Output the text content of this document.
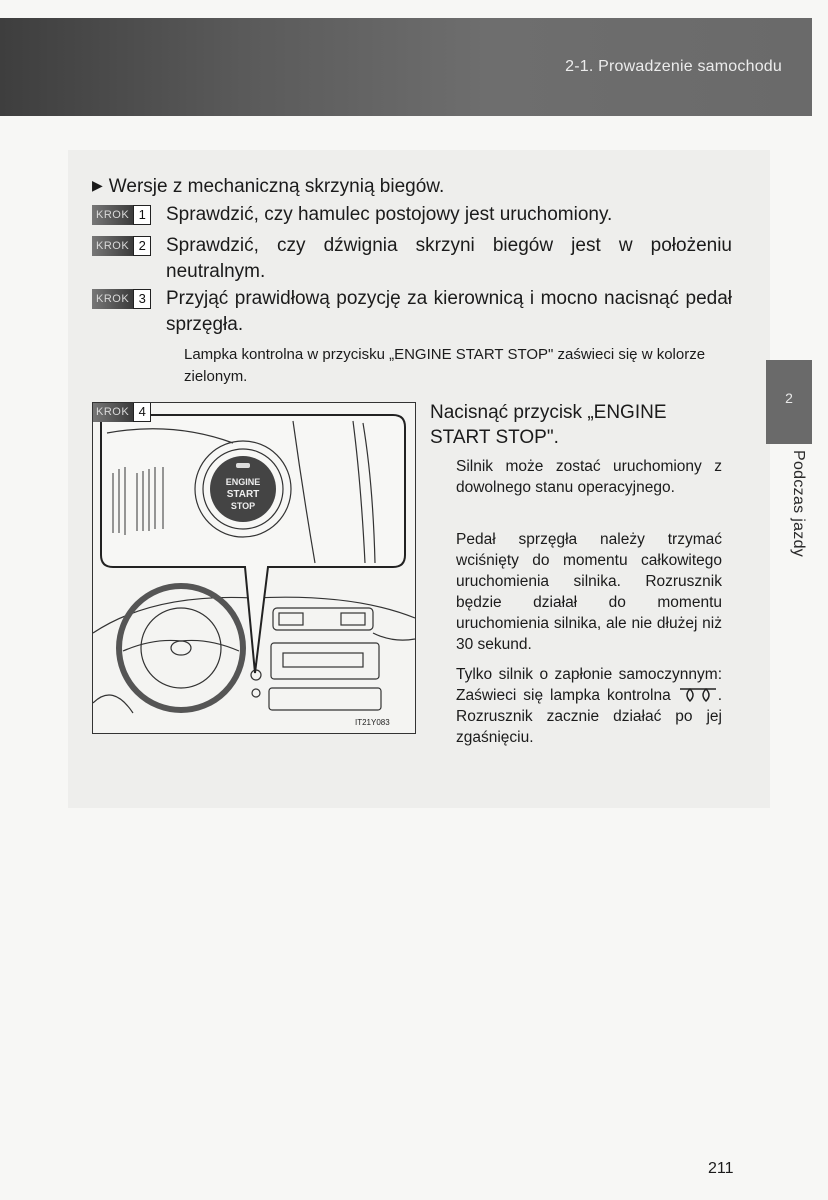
2-1. Prowadzenie samochodu
2
Podczas jazdy
▶ Wersje z mechaniczną skrzynią biegów.
KROK 1 Sprawdzić, czy hamulec postojowy jest uruchomiony.
KROK 2 Sprawdzić, czy dźwignia skrzyni biegów jest w położeniu neutralnym.
KROK 3 Przyjąć prawidłową pozycję za kierownicą i mocno nacisnąć pedał sprzęgła.
Lampka kontrolna w przycisku „ENGINE START STOP" zaświeci się w kolorze zielonym.
KROK 4
ENGINE
START
STOP
IT21Y083
Nacisnąć przycisk „ENGINE START STOP".
Silnik może zostać uruchomiony z dowolnego stanu operacyjnego.
Pedał sprzęgła należy trzymać wciśnięty do momentu całkowitego uruchomienia silnika. Rozrusznik będzie działał do momentu uruchomienia silnika, ale nie dłużej niż 30 sekund.
Tylko silnik o zapłonie samoczynnym: Zaświeci się lampka kontrolna	. Rozrusznik zacznie działać po jej zgaśnięciu.
211
